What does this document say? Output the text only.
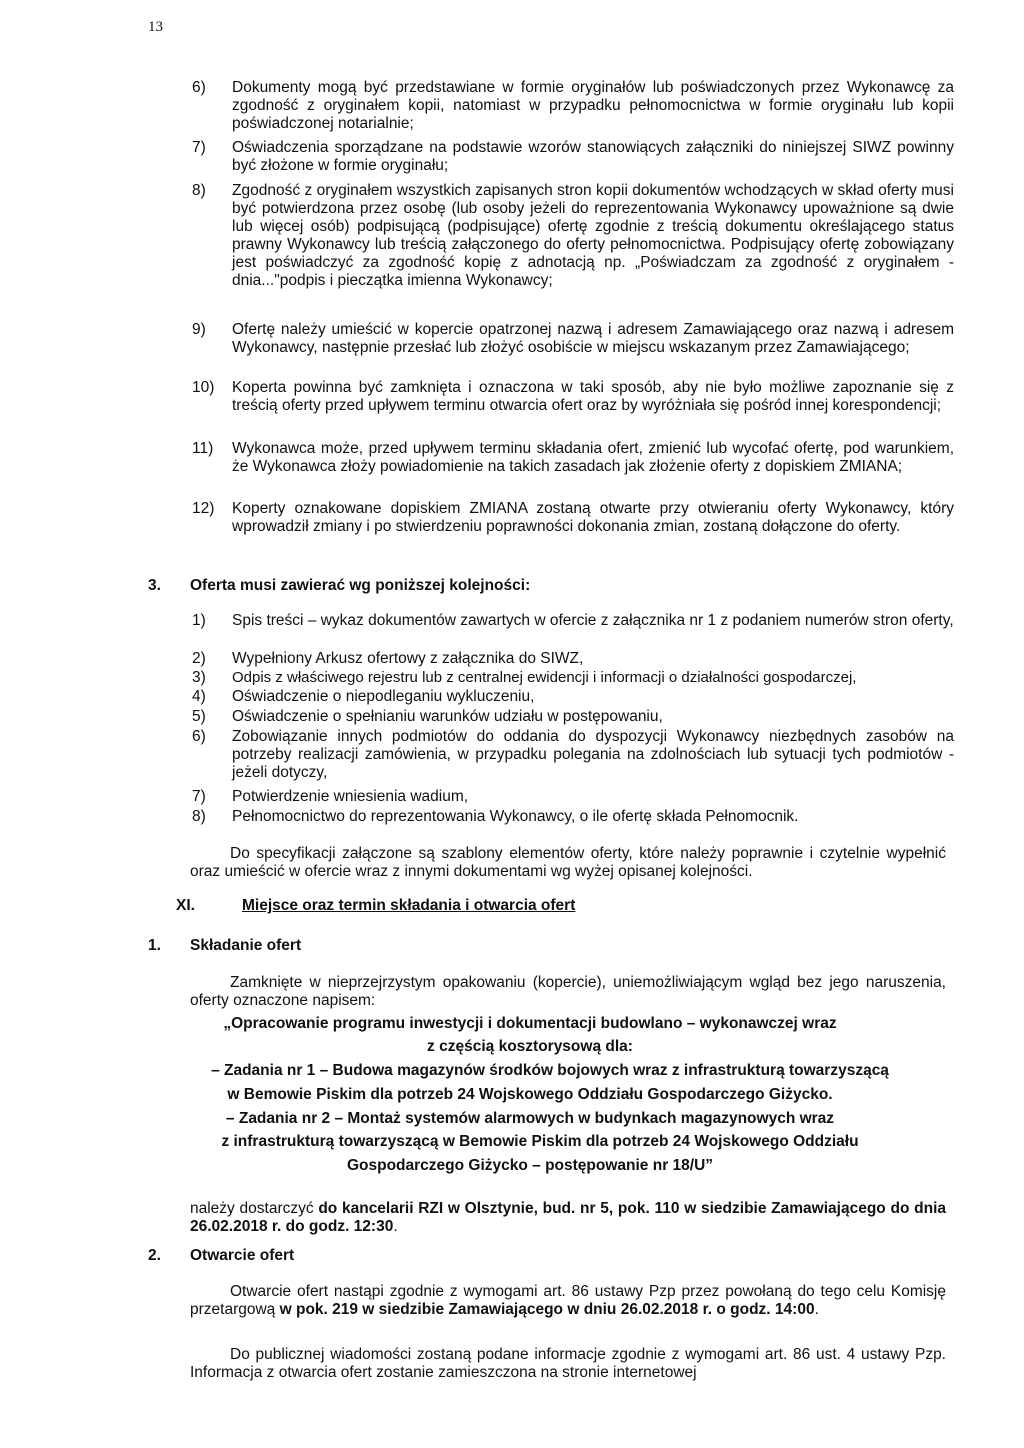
13
6)	Dokumenty mogą być przedstawiane w formie oryginałów lub poświadczonych przez Wykonawcę za zgodność z oryginałem kopii, natomiast w przypadku pełnomocnictwa w formie oryginału lub kopii poświadczonej notarialnie;
7)	Oświadczenia sporządzane na podstawie wzorów stanowiących załączniki do niniejszej SIWZ powinny być złożone w formie oryginału;
8)	Zgodność z oryginałem wszystkich zapisanych stron kopii dokumentów wchodzących w skład oferty musi być potwierdzona przez osobę (lub osoby jeżeli do reprezentowania Wykonawcy upoważnione są dwie lub więcej osób) podpisującą (podpisujące) ofertę zgodnie z treścią dokumentu określającego status prawny Wykonawcy lub treścią załączonego do oferty pełnomocnictwa. Podpisujący ofertę zobowiązany jest poświadczyć za zgodność kopię z adnotacją np. „Poświadczam za zgodność z oryginałem - dnia..."podpis i pieczątka imienna Wykonawcy;
9)	Ofertę należy umieścić w kopercie opatrzonej nazwą i adresem Zamawiającego oraz nazwą i adresem Wykonawcy, następnie przesłać lub złożyć osobiście w miejscu wskazanym przez Zamawiającego;
10)	Koperta powinna być zamknięta i oznaczona w taki sposób, aby nie było możliwe zapoznanie się z treścią oferty przed upływem terminu otwarcia ofert oraz by wyróżniała się pośród innej korespondencji;
11)	Wykonawca może, przed upływem terminu składania ofert, zmienić lub wycofać ofertę, pod warunkiem, że Wykonawca złoży powiadomienie na takich zasadach jak złożenie oferty z dopiskiem ZMIANA;
12)	Koperty oznakowane dopiskiem ZMIANA zostaną otwarte przy otwieraniu oferty Wykonawcy, który wprowadził zmiany i po stwierdzeniu poprawności dokonania zmian, zostaną dołączone do oferty.
3.	Oferta musi zawierać wg poniższej kolejności:
1)	Spis treści – wykaz dokumentów zawartych w ofercie z załącznika nr 1 z podaniem numerów stron oferty,
2)	Wypełniony Arkusz ofertowy z załącznika do SIWZ,
3)	Odpis z właściwego rejestru lub z centralnej ewidencji i informacji o działalności gospodarczej,
4)	Oświadczenie o niepodleganiu wykluczeniu,
5)	Oświadczenie o spełnianiu warunków udziału w postępowaniu,
6)	Zobowiązanie innych podmiotów do oddania do dyspozycji Wykonawcy niezbędnych zasobów na potrzeby realizacji zamówienia, w przypadku polegania na zdolnościach lub sytuacji tych podmiotów - jeżeli dotyczy,
7)	Potwierdzenie wniesienia wadium,
8)	Pełnomocnictwo do reprezentowania Wykonawcy, o ile ofertę składa Pełnomocnik.
Do specyfikacji załączone są szablony elementów oferty, które należy poprawnie i czytelnie wypełnić oraz umieścić w ofercie wraz z innymi dokumentami wg wyżej opisanej kolejności.
XI.	Miejsce oraz termin składania i otwarcia ofert
1.	Składanie ofert
Zamknięte w nieprzejrzystym opakowaniu (kopercie), uniemożliwiającym wgląd bez jego naruszenia, oferty oznaczone napisem:
„Opracowanie programu inwestycji i dokumentacji budowlano – wykonawczej wraz
z częścią kosztorysową dla:
– Zadania nr 1 – Budowa magazynów środków bojowych wraz z infrastrukturą towarzyszącą
w Bemowie Piskim dla potrzeb 24 Wojskowego Oddziału Gospodarczego Giżycko.
– Zadania nr 2 – Montaż systemów alarmowych w budynkach magazynowych wraz
z infrastrukturą towarzyszącą w Bemowie Piskim dla potrzeb 24 Wojskowego Oddziału
Gospodarczego Giżycko – postępowanie nr 18/U”
należy dostarczyć do kancelarii RZI w Olsztynie, bud. nr 5, pok. 110 w siedzibie Zamawiającego do dnia 26.02.2018 r. do godz. 12:30.
2.	Otwarcie ofert
Otwarcie ofert nastąpi zgodnie z wymogami art. 86 ustawy Pzp przez powołaną do tego celu Komisję przetargową w pok. 219 w siedzibie Zamawiającego w dniu 26.02.2018 r. o godz. 14:00.
Do publicznej wiadomości zostaną podane informacje zgodnie z wymogami art. 86 ust. 4 ustawy Pzp. Informacja z otwarcia ofert zostanie zamieszczona na stronie internetowej
